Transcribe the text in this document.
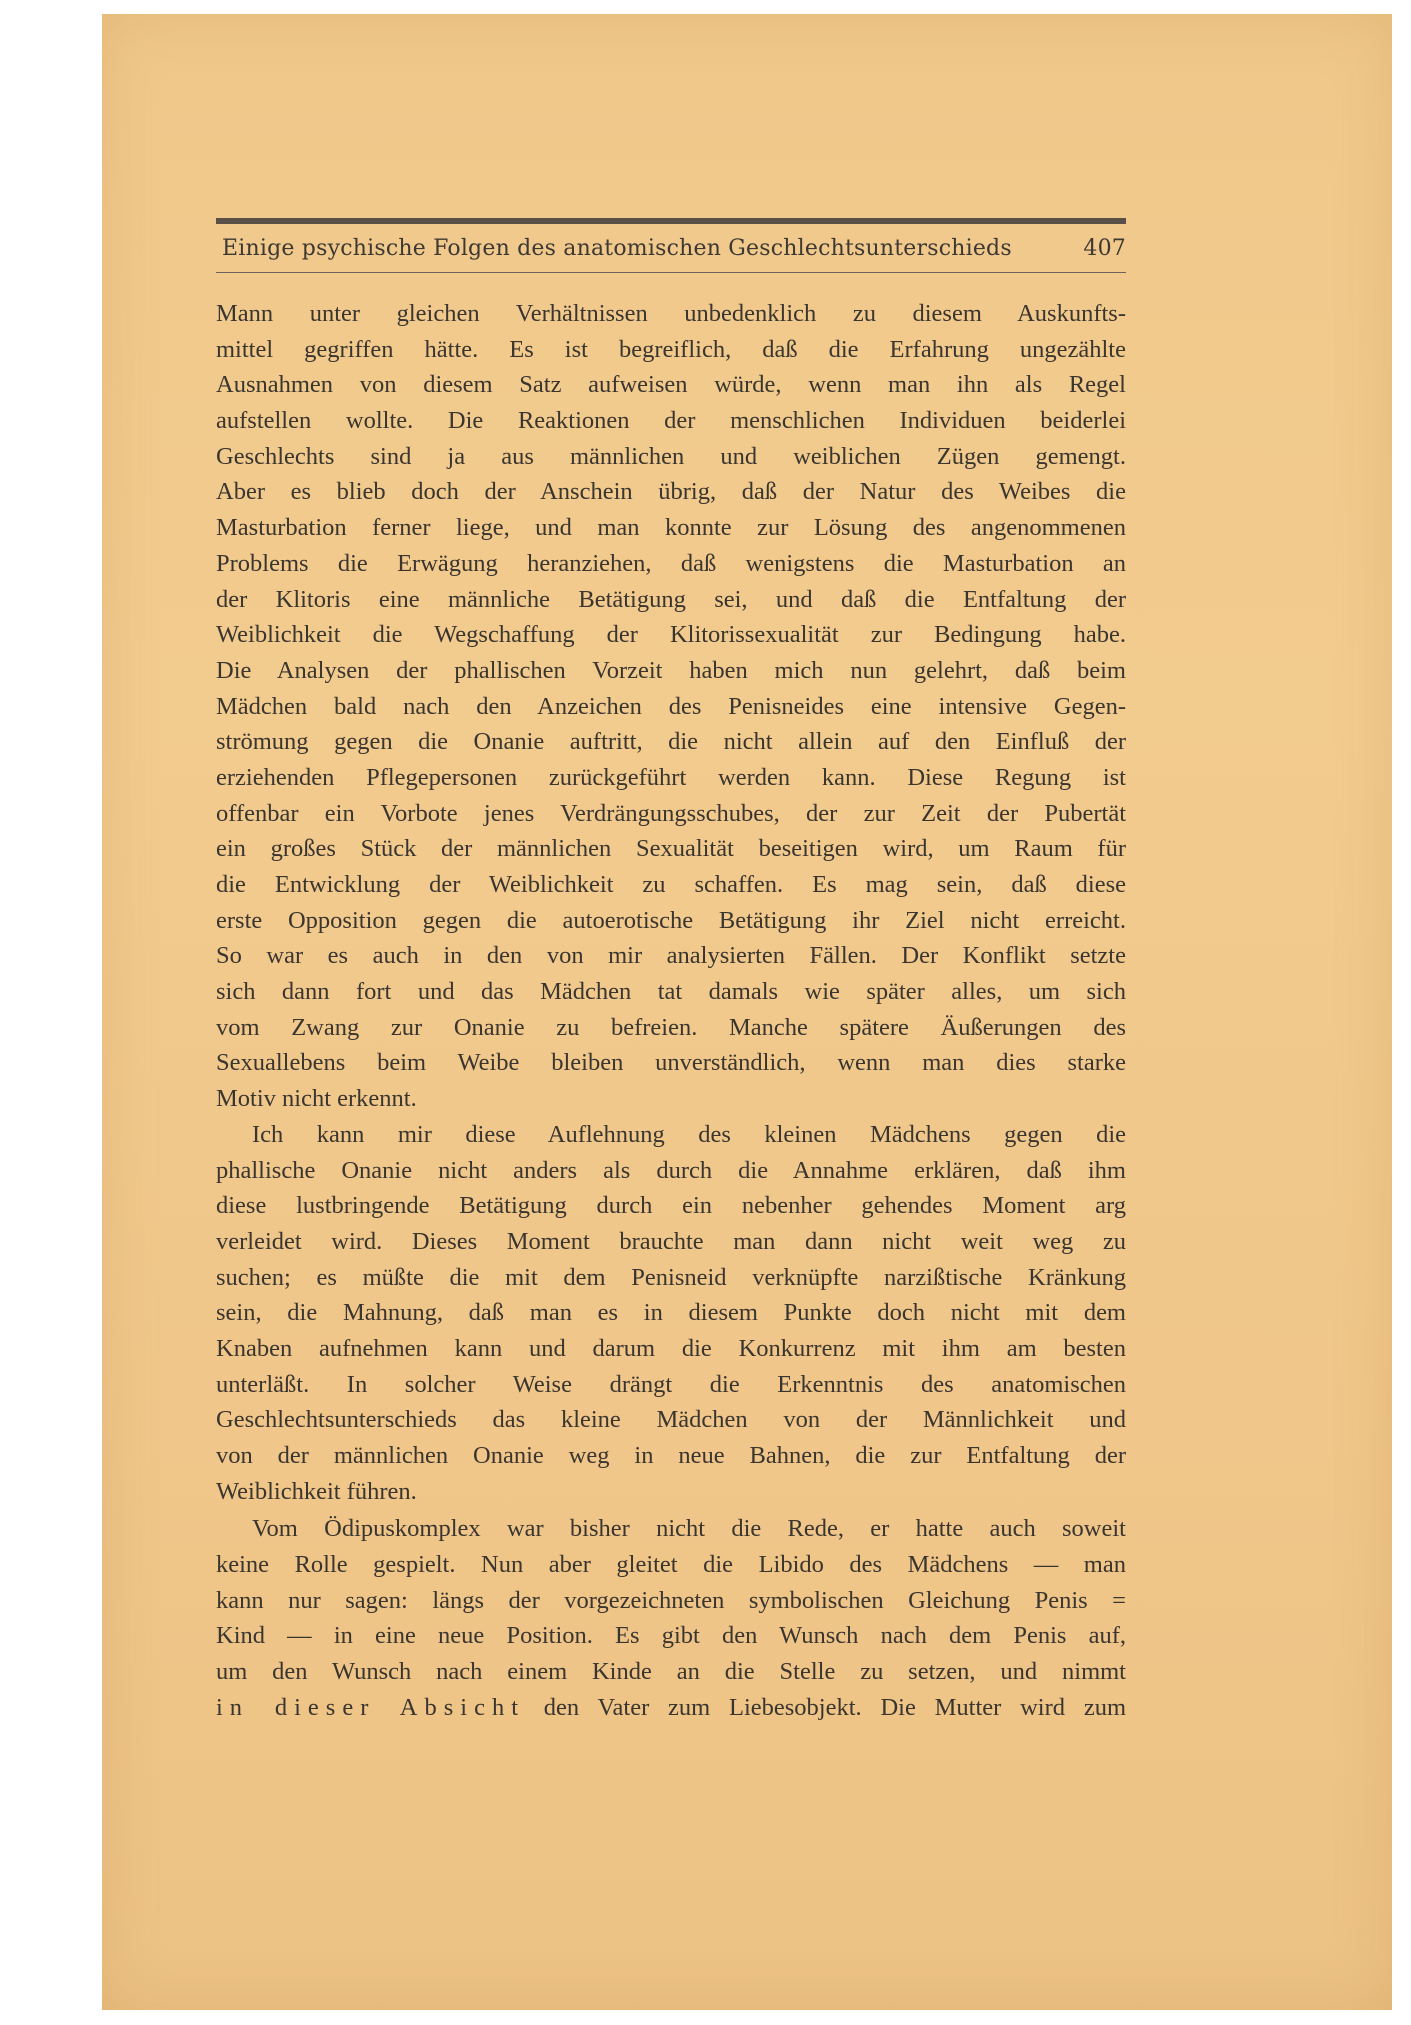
Einige psychische Folgen des anatomischen Geschlechtsunterschieds	407
Mann unter gleichen Verhältnissen unbedenklich zu diesem Auskunfts-
mittel gegriffen hätte. Es ist begreiflich, daß die Erfahrung ungezählte
Ausnahmen von diesem Satz aufweisen würde, wenn man ihn als Regel
aufstellen wollte. Die Reaktionen der menschlichen Individuen beiderlei
Geschlechts sind ja aus männlichen und weiblichen Zügen gemengt.
Aber es blieb doch der Anschein übrig, daß der Natur des Weibes die
Masturbation ferner liege, und man konnte zur Lösung des angenommenen
Problems die Erwägung heranziehen, daß wenigstens die Masturbation an
der Klitoris eine männliche Betätigung sei, und daß die Entfaltung der
Weiblichkeit die Wegschaffung der Klitorissexualität zur Bedingung habe.
Die Analysen der phallischen Vorzeit haben mich nun gelehrt, daß beim
Mädchen bald nach den Anzeichen des Penisneides eine intensive Gegen-
strömung gegen die Onanie auftritt, die nicht allein auf den Einfluß der
erziehenden Pflegepersonen zurückgeführt werden kann. Diese Regung ist
offenbar ein Vorbote jenes Verdrängungsschubes, der zur Zeit der Pubertät
ein großes Stück der männlichen Sexualität beseitigen wird, um Raum für
die Entwicklung der Weiblichkeit zu schaffen. Es mag sein, daß diese
erste Opposition gegen die autoerotische Betätigung ihr Ziel nicht erreicht.
So war es auch in den von mir analysierten Fällen. Der Konflikt setzte
sich dann fort und das Mädchen tat damals wie später alles, um sich
vom Zwang zur Onanie zu befreien. Manche spätere Äußerungen des
Sexuallebens beim Weibe bleiben unverständlich, wenn man dies starke
Motiv nicht erkennt.
Ich kann mir diese Auflehnung des kleinen Mädchens gegen die
phallische Onanie nicht anders als durch die Annahme erklären, daß ihm
diese lustbringende Betätigung durch ein nebenher gehendes Moment arg
verleidet wird. Dieses Moment brauchte man dann nicht weit weg zu
suchen; es müßte die mit dem Penisneid verknüpfte narzißtische Kränkung
sein, die Mahnung, daß man es in diesem Punkte doch nicht mit dem
Knaben aufnehmen kann und darum die Konkurrenz mit ihm am besten
unterläßt. In solcher Weise drängt die Erkenntnis des anatomischen
Geschlechtsunterschieds das kleine Mädchen von der Männlichkeit und
von der männlichen Onanie weg in neue Bahnen, die zur Entfaltung der
Weiblichkeit führen.
Vom Ödipuskomplex war bisher nicht die Rede, er hatte auch soweit
keine Rolle gespielt. Nun aber gleitet die Libido des Mädchens — man
kann nur sagen: längs der vorgezeichneten symbolischen Gleichung Penis =
Kind — in eine neue Position. Es gibt den Wunsch nach dem Penis auf,
um den Wunsch nach einem Kinde an die Stelle zu setzen, und nimmt
in dieser Absicht den Vater zum Liebesobjekt. Die Mutter wird zum
